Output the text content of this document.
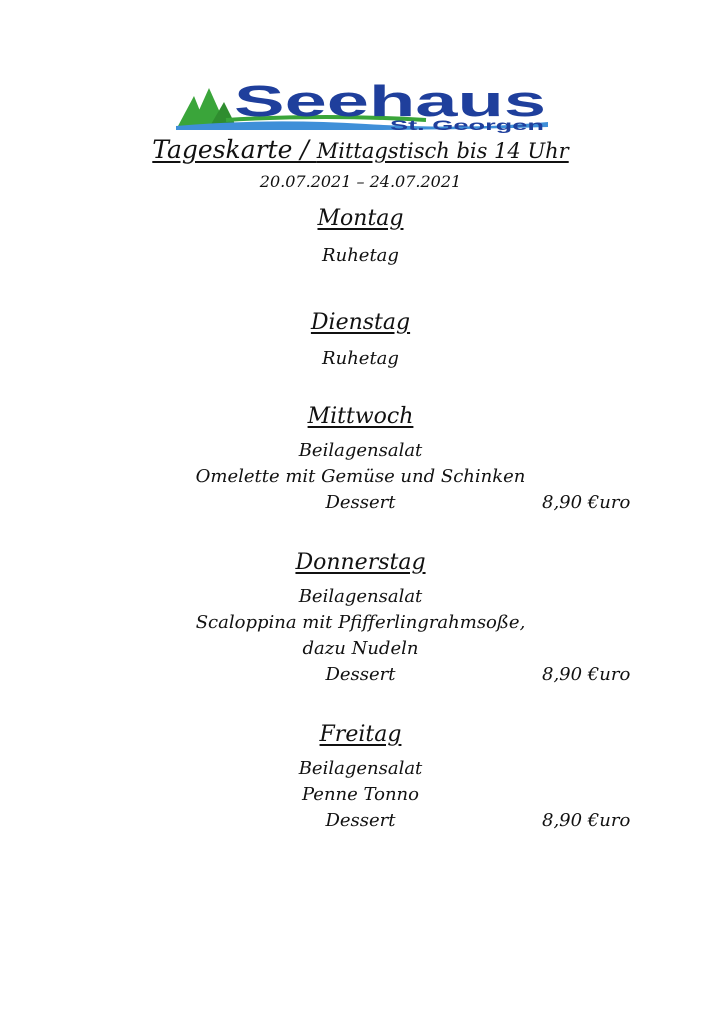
Seehaus
St. Georgen
Tageskarte / Mittagstisch bis 14 Uhr
20.07.2021 – 24.07.2021
Montag
Ruhetag
Dienstag
Ruhetag
Mittwoch
Beilagensalat
Omelette mit Gemüse und Schinken
Dessert	8,90 €uro
Donnerstag
Beilagensalat
Scaloppina mit Pfifferlingrahmsoße,
dazu Nudeln
Dessert	8,90 €uro
Freitag
Beilagensalat
Penne Tonno
Dessert	8,90 €uro
